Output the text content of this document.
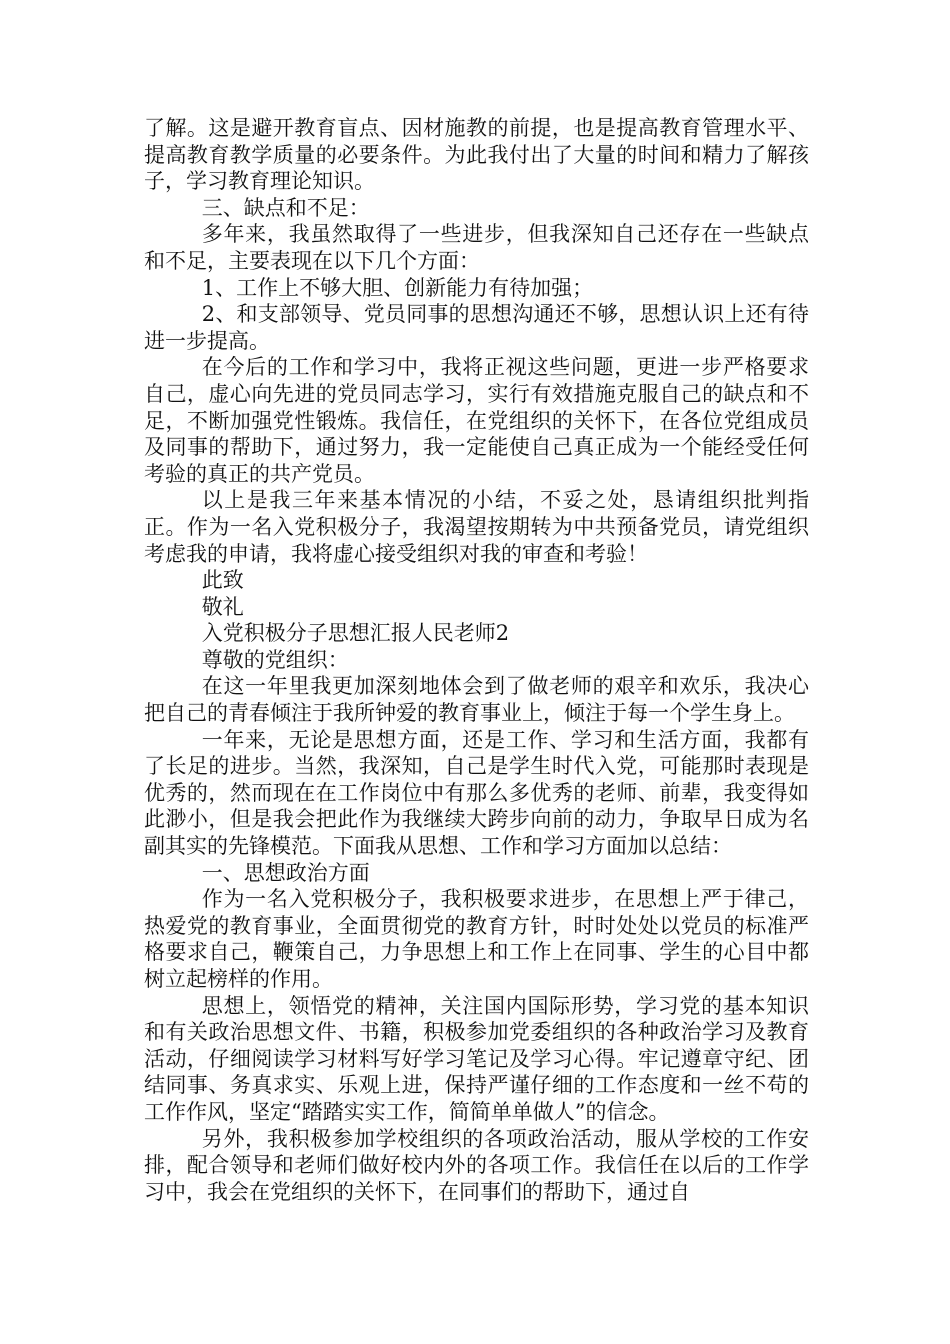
了解。这是避开教育盲点、因材施教的前提，也是提高教育管理水平、提高教育教学质量的必要条件。为此我付出了大量的时间和精力了解孩子，学习教育理论知识。

三、缺点和不足：

多年来，我虽然取得了一些进步，但我深知自己还存在一些缺点和不足，主要表现在以下几个方面：

1、工作上不够大胆、创新能力有待加强；

2、和支部领导、党员同事的思想沟通还不够，思想认识上还有待进一步提高。

在今后的工作和学习中，我将正视这些问题，更进一步严格要求自己，虚心向先进的党员同志学习，实行有效措施克服自己的缺点和不足，不断加强党性锻炼。我信任，在党组织的关怀下，在各位党组成员及同事的帮助下，通过努力，我一定能使自己真正成为一个能经受任何考验的真正的共产党员。

以上是我三年来基本情况的小结，不妥之处，恳请组织批判指正。作为一名入党积极分子，我渴望按期转为中共预备党员，请党组织考虑我的申请，我将虚心接受组织对我的审查和考验！

此致

敬礼

入党积极分子思想汇报人民老师2

尊敬的党组织：

在这一年里我更加深刻地体会到了做老师的艰辛和欢乐，我决心把自己的青春倾注于我所钟爱的教育事业上，倾注于每一个学生身上。

一年来，无论是思想方面，还是工作、学习和生活方面，我都有了长足的进步。当然，我深知，自己是学生时代入党，可能那时表现是优秀的，然而现在在工作岗位中有那么多优秀的老师、前辈，我变得如此渺小，但是我会把此作为我继续大跨步向前的动力，争取早日成为名副其实的先锋模范。下面我从思想、工作和学习方面加以总结：

一、思想政治方面

作为一名入党积极分子，我积极要求进步，在思想上严于律己，热爱党的教育事业，全面贯彻党的教育方针，时时处处以党员的标准严格要求自己，鞭策自己，力争思想上和工作上在同事、学生的心目中都树立起榜样的作用。

思想上，领悟党的精神，关注国内国际形势，学习党的基本知识和有关政治思想文件、书籍，积极参加党委组织的各种政治学习及教育活动，仔细阅读学习材料写好学习笔记及学习心得。牢记遵章守纪、团结同事、务真求实、乐观上进，保持严谨仔细的工作态度和一丝不苟的工作作风，坚定“踏踏实实工作，简简单单做人”的信念。

另外，我积极参加学校组织的各项政治活动，服从学校的工作安排，配合领导和老师们做好校内外的各项工作。我信任在以后的工作学习中，我会在党组织的关怀下，在同事们的帮助下，通过自
